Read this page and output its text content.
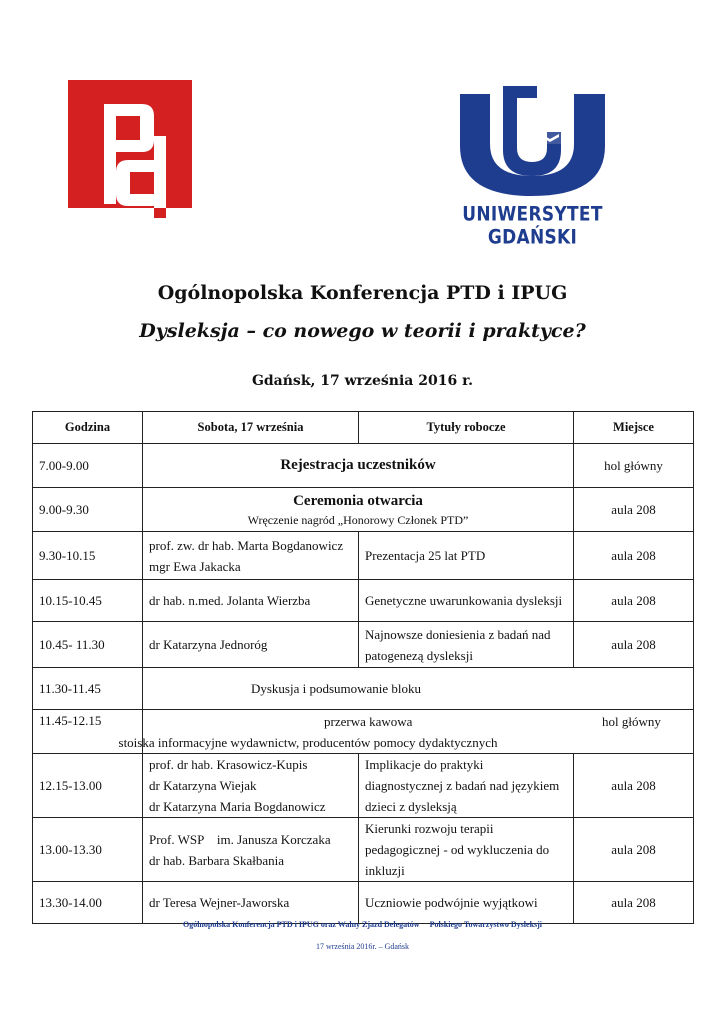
UNIWERSYTET GDAŃSKI
Ogólnopolska Konferencja PTD i IPUG
Dysleksja – co nowego w teorii i praktyce?
Gdańsk, 17 września 2016 r.
Godzina	Sobota, 17 września	Tytuły robocze	Miejsce
7.00-9.00	Rejestracja uczestników		hol główny
9.00-9.30	Ceremonia otwarcia
Wręczenie nagród „Honorowy Członek PTD”		aula 208
9.30-10.15	prof. zw. dr hab. Marta Bogdanowicz
mgr Ewa Jakacka	Prezentacja 25 lat PTD	aula 208
10.15-10.45	dr hab. n.med. Jolanta Wierzba	Genetyczne uwarunkowania dysleksji	aula 208
10.45- 11.30	dr Katarzyna Jednoróg	Najnowsze doniesienia z badań nad
patogenezą dysleksji	aula 208
11.30-11.45	Dyskusja i podsumowanie bloku		
11.45-12.15	przerwa kawowa hol główny

stoiska informacyjne wydawnictw, producentów pomocy dydaktycznych		

12.15-13.00	prof. dr hab. Krasowicz-Kupis
dr Katarzyna Wiejak
dr Katarzyna Maria Bogdanowicz	Implikacje do praktyki
diagnostycznej z badań nad językiem
dzieci z dysleksją	aula 208
13.00-13.30	Prof. WSP    im. Janusza Korczaka
dr hab. Barbara Skałbania	Kierunki rozwoju terapii
pedagogicznej - od wykluczenia do
inkluzji	aula 208
13.30-14.00	dr Teresa Wejner-Jaworska	Uczniowie podwójnie wyjątkowi	aula 208
Ogólnopolska Konferencja PTD i IPUG oraz Walny Zjazd Delegatów Polskiego Towarzystwo Dysleksji
17 września 2016r. – Gdańsk
